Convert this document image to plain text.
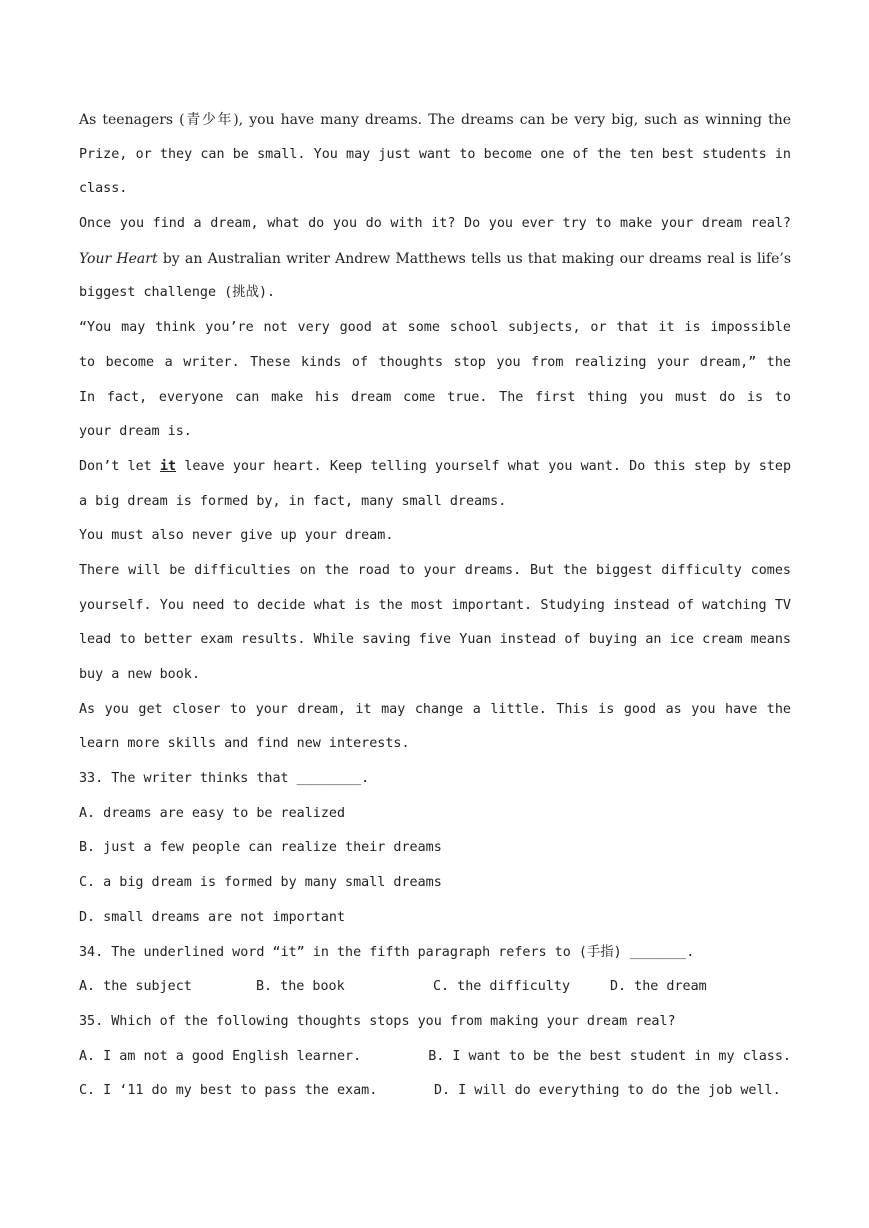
As teenagers (青少年), you have many dreams. The dreams can be very big, such as winning the
Prize, or they can be small. You may just want to become one of the ten best students in
class.
Once you find a dream, what do you do with it? Do you ever try to make your dream real?
Your Heart by an Australian writer Andrew Matthews tells us that making our dreams real is life’s
biggest challenge (挑战).
“You may think you’re not very good at some school subjects, or that it is impossible
to become a writer. These kinds of thoughts stop you from realizing your dream,” the
In fact, everyone can make his dream come true. The first thing you must do is to
your dream is.
Don’t let it leave your heart. Keep telling yourself what you want. Do this step by step
a big dream is formed by, in fact, many small dreams.
You must also never give up your dream.
There will be difficulties on the road to your dreams. But the biggest difficulty comes
yourself. You need to decide what is the most important. Studying instead of watching TV
lead to better exam results. While saving five Yuan instead of buying an ice cream means
buy a new book.
As you get closer to your dream, it may change a little. This is good as you have the
learn more skills and find new interests.
33. The writer thinks that ________.
A. dreams are easy to be realized
B. just a few people can realize their dreams
C. a big dream is formed by many small dreams
D. small dreams are not important
34. The underlined word “it” in the fifth paragraph refers to (手指) _______.
A. the subject	B. the book	C. the difficulty	D. the dream
35. Which of the following thoughts stops you from making your dream real?
A. I am not a good English learner.	B. I want to be the best student in my class.
C. I ‘11 do my best to pass the exam.	D. I will do everything to do the job well.
